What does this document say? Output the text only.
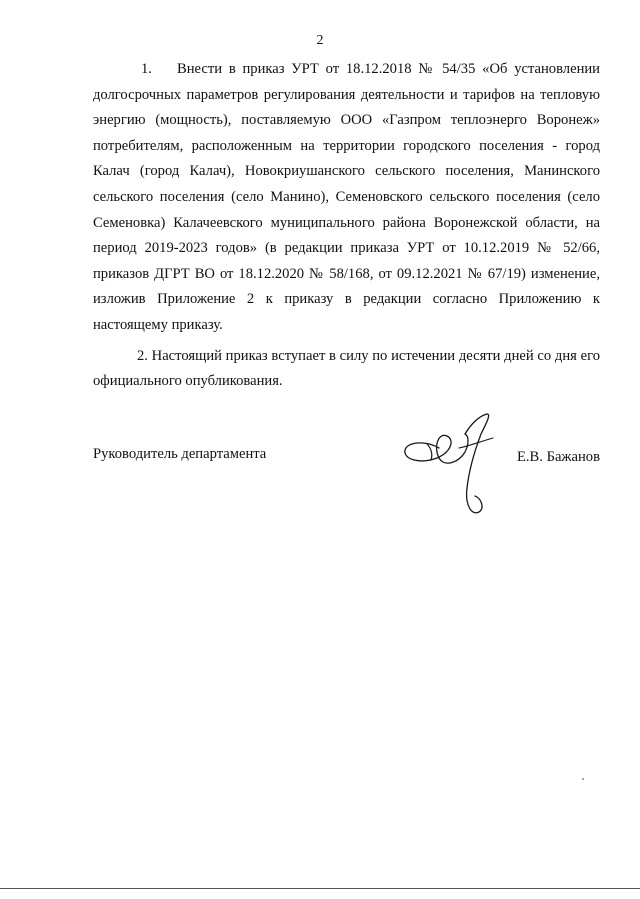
2

1. Внести в приказ УРТ от 18.12.2018 № 54/35 «Об установлении долгосрочных параметров регулирования деятельности и тарифов на тепловую энергию (мощность), поставляемую ООО «Газпром теплоэнерго Воронеж» потребителям, расположенным на территории городского поселения - город Калач (город Калач), Новокриушанского сельского поселения, Манинского сельского поселения (село Манино), Семеновского сельского поселения (село Семеновка) Калачеевского муниципального района Воронежской области, на период 2019-2023 годов» (в редакции приказа УРТ от 10.12.2019 № 52/66, приказов ДГРТ ВО от 18.12.2020 № 58/168, от 09.12.2021 № 67/19) изменение, изложив Приложение 2 к приказу в редакции согласно Приложению к настоящему приказу.

2. Настоящий приказ вступает в силу по истечении десяти дней со дня его официального опубликования.

Руководитель департамента	Е.В. Бажанов
